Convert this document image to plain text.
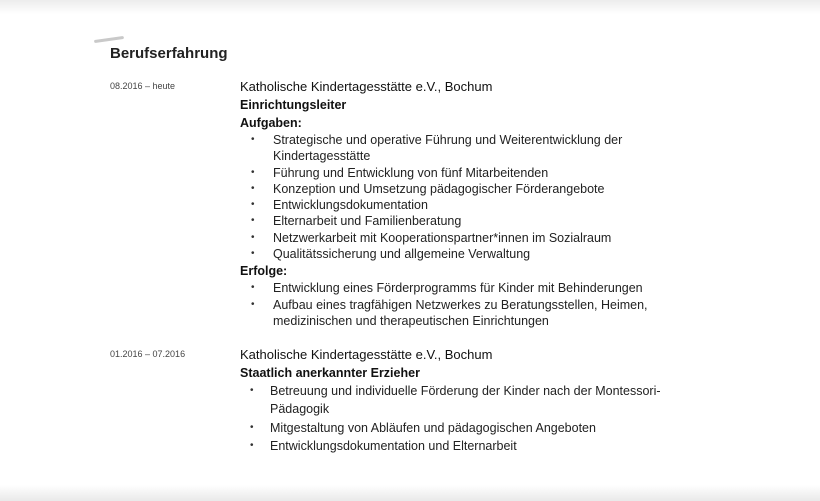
Berufserfahrung
08.2016 – heute	Katholische Kindertagesstätte e.V., Bochum
Einrichtungsleiter
Aufgaben:
• Strategische und operative Führung und Weiterentwicklung der Kindertagesstätte
• Führung und Entwicklung von fünf Mitarbeitenden
• Konzeption und Umsetzung pädagogischer Förderangebote
• Entwicklungsdokumentation
• Elternarbeit und Familienberatung
• Netzwerkarbeit mit Kooperationspartner*innen im Sozialraum
• Qualitätssicherung und allgemeine Verwaltung
Erfolge:
• Entwicklung eines Förderprogramms für Kinder mit Behinderungen
• Aufbau eines tragfähigen Netzwerkes zu Beratungsstellen, Heimen, medizinischen und therapeutischen Einrichtungen
01.2016 – 07.2016	Katholische Kindertagesstätte e.V., Bochum
Staatlich anerkannter Erzieher
• Betreuung und individuelle Förderung der Kinder nach der Montessori-Pädagogik
• Mitgestaltung von Abläufen und pädagogischen Angeboten
• Entwicklungsdokumentation und Elternarbeit
